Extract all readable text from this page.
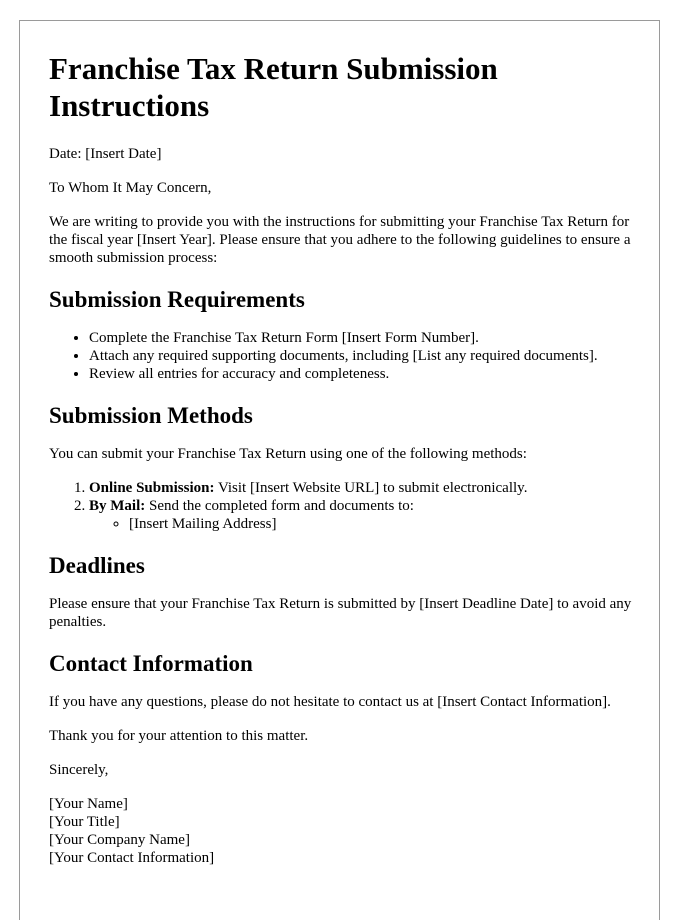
Franchise Tax Return Submission Instructions

Date: [Insert Date]

To Whom It May Concern,

We are writing to provide you with the instructions for submitting your Franchise Tax Return for the fiscal year [Insert Year]. Please ensure that you adhere to the following guidelines to ensure a smooth submission process:

Submission Requirements
• Complete the Franchise Tax Return Form [Insert Form Number].
• Attach any required supporting documents, including [List any required documents].
• Review all entries for accuracy and completeness.
Submission Methods

You can submit your Franchise Tax Return using one of the following methods:

1. Online Submission: Visit [Insert Website URL] to submit electronically.
2. By Mail: Send the completed form and documents to:
◦ [Insert Mailing Address]
Deadlines

Please ensure that your Franchise Tax Return is submitted by [Insert Deadline Date] to avoid any penalties.

Contact Information

If you have any questions, please do not hesitate to contact us at [Insert Contact Information].

Thank you for your attention to this matter.

Sincerely,

[Your Name]

[Your Title]

[Your Company Name]

[Your Contact Information]
